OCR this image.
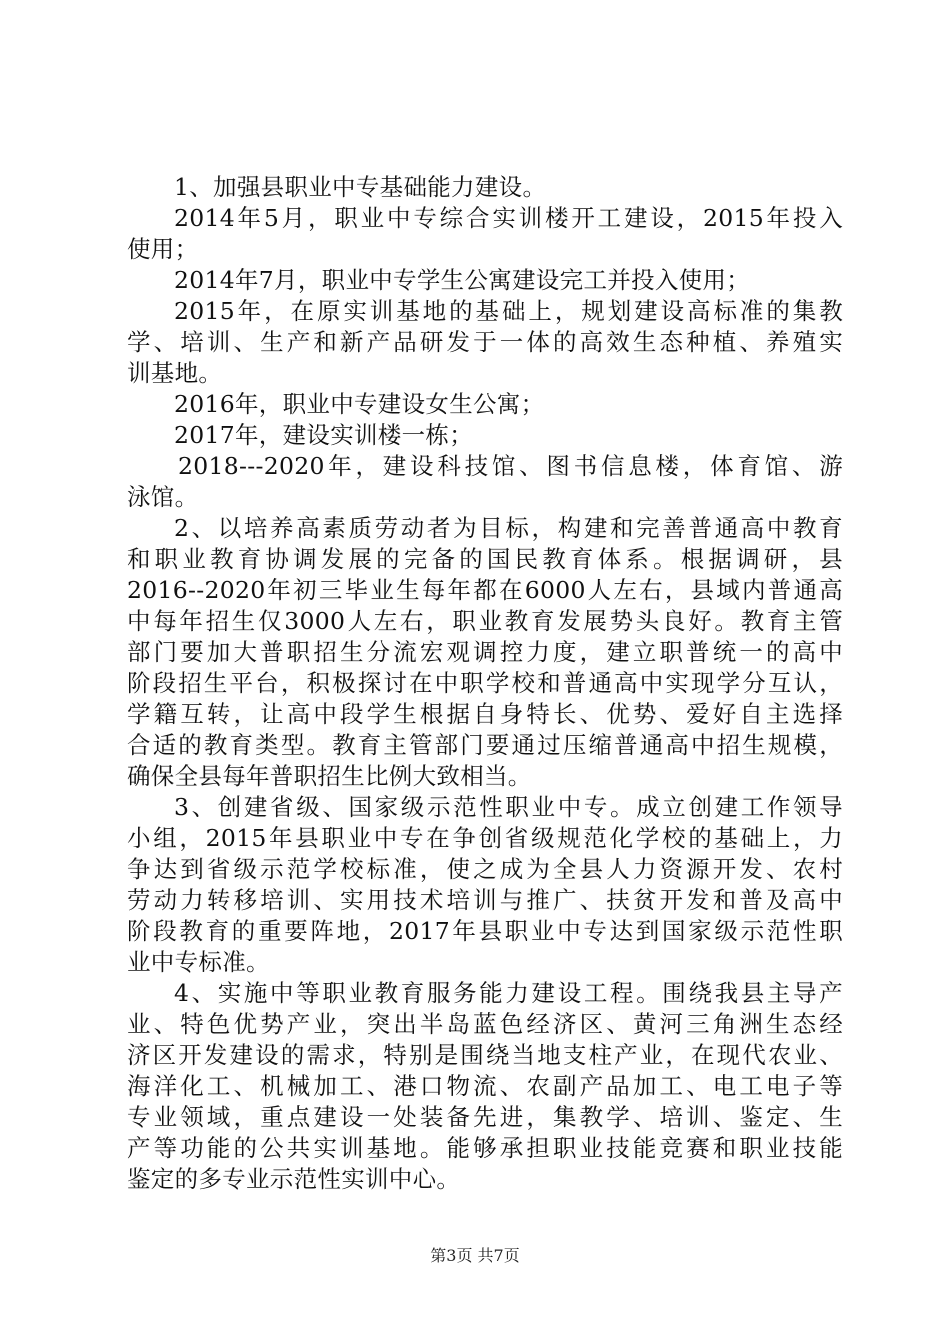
1、加强县职业中专基础能力建设。
2014年5月，职业中专综合实训楼开工建设，2015年投入
使用；
2014年7月，职业中专学生公寓建设完工并投入使用；
2015年，在原实训基地的基础上，规划建设高标准的集教
学、培训、生产和新产品研发于一体的高效生态种植、养殖实
训基地。
2016年，职业中专建设女生公寓；
2017年，建设实训楼一栋；
2018---2020年，建设科技馆、图书信息楼，体育馆、游
泳馆。
2、以培养高素质劳动者为目标，构建和完善普通高中教育
和职业教育协调发展的完备的国民教育体系。根据调研，县
2016--2020年初三毕业生每年都在6000人左右，县域内普通高
中每年招生仅3000人左右，职业教育发展势头良好。教育主管
部门要加大普职招生分流宏观调控力度，建立职普统一的高中
阶段招生平台，积极探讨在中职学校和普通高中实现学分互认，
学籍互转，让高中段学生根据自身特长、优势、爱好自主选择
合适的教育类型。教育主管部门要通过压缩普通高中招生规模，
确保全县每年普职招生比例大致相当。
3、创建省级、国家级示范性职业中专。成立创建工作领导
小组，2015年县职业中专在争创省级规范化学校的基础上，力
争达到省级示范学校标准，使之成为全县人力资源开发、农村
劳动力转移培训、实用技术培训与推广、扶贫开发和普及高中
阶段教育的重要阵地，2017年县职业中专达到国家级示范性职
业中专标准。
4、实施中等职业教育服务能力建设工程。围绕我县主导产
业、特色优势产业，突出半岛蓝色经济区、黄河三角洲生态经
济区开发建设的需求，特别是围绕当地支柱产业，在现代农业、
海洋化工、机械加工、港口物流、农副产品加工、电工电子等
专业领域，重点建设一处装备先进，集教学、培训、鉴定、生
产等功能的公共实训基地。能够承担职业技能竞赛和职业技能
鉴定的多专业示范性实训中心。
第3页 共7页
